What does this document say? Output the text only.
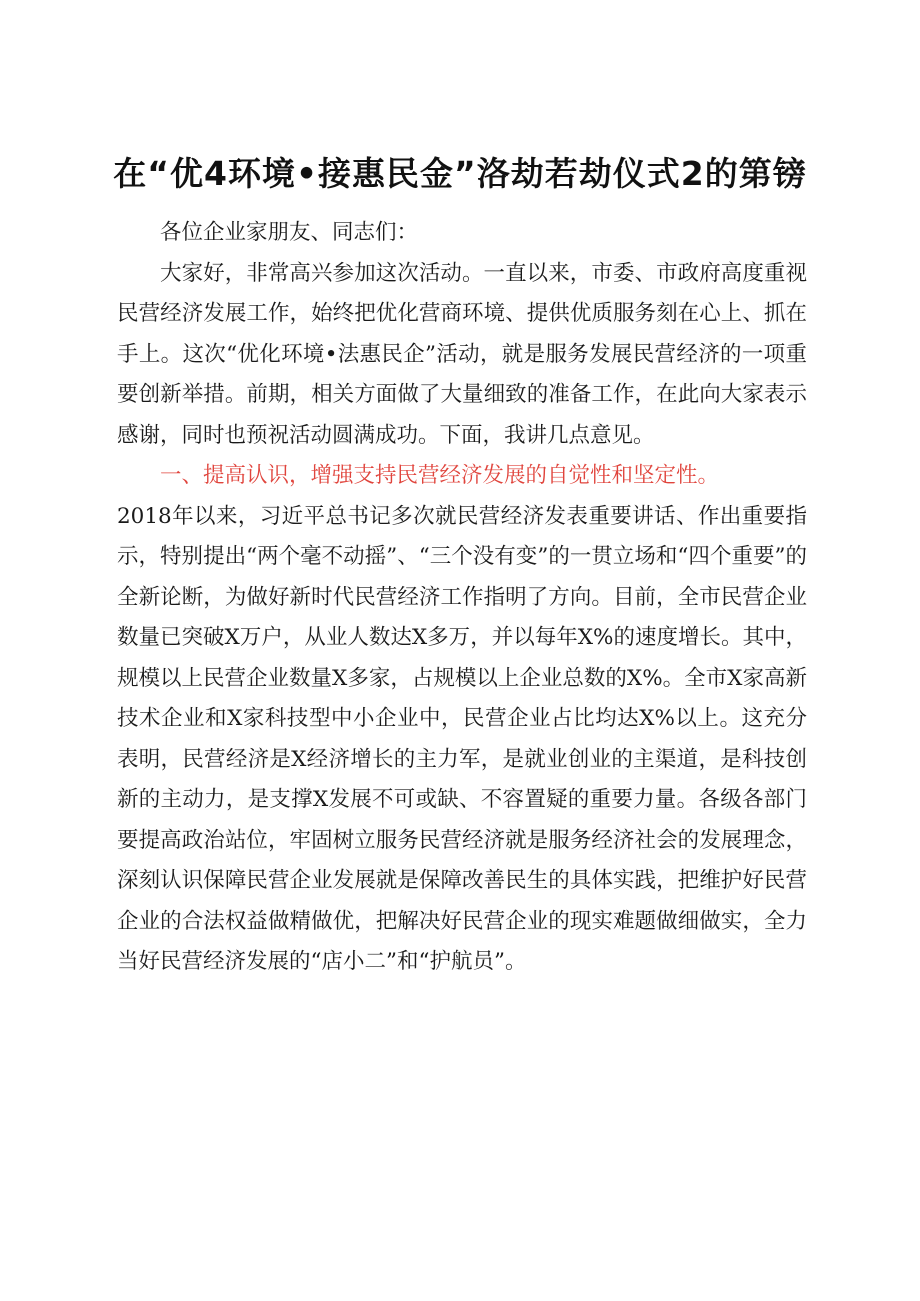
在“优4环境•接惠民金”洛劫若劫仪式2的第镑

各位企业家朋友、同志们：

大家好，非常高兴参加这次活动。一直以来，市委、市政府高度重视民营经济发展工作，始终把优化营商环境、提供优质服务刻在心上、抓在手上。这次“优化环境•法惠民企”活动，就是服务发展民营经济的一项重要创新举措。前期，相关方面做了大量细致的准备工作，在此向大家表示感谢，同时也预祝活动圆满成功。下面，我讲几点意见。

一、提高认识，增强支持民营经济发展的自觉性和坚定性。

2018年以来，习近平总书记多次就民营经济发表重要讲话、作出重要指示，特别提出“两个毫不动摇”、“三个没有变”的一贯立场和“四个重要”的全新论断，为做好新时代民营经济工作指明了方向。目前，全市民营企业数量已突破X万户，从业人数达X多万，并以每年X%的速度增长。其中，规模以上民营企业数量X多家，占规模以上企业总数的X%。全市X家高新技术企业和X家科技型中小企业中，民营企业占比均达X%以上。这充分表明，民营经济是X经济增长的主力军，是就业创业的主渠道，是科技创新的主动力，是支撑X发展不可或缺、不容置疑的重要力量。各级各部门要提高政治站位，牢固树立服务民营经济就是服务经济社会的发展理念，深刻认识保障民营企业发展就是保障改善民生的具体实践，把维护好民营企业的合法权益做精做优，把解决好民营企业的现实难题做细做实，全力当好民营经济发展的“店小二”和“护航员”。
